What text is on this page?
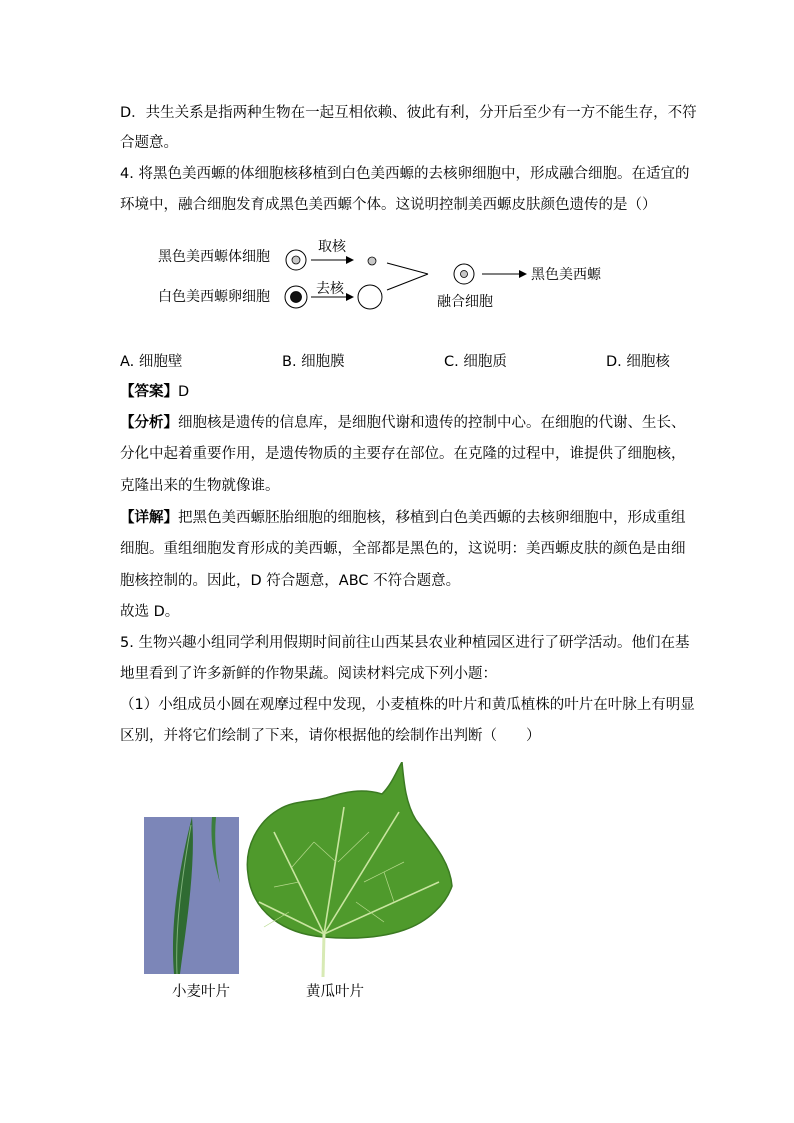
D．共生关系是指两种生物在一起互相依赖、彼此有利，分开后至少有一方不能生存，不符
合题意。
4. 将黑色美西螈的体细胞核移植到白色美西螈的去核卵细胞中，形成融合细胞。在适宜的
环境中，融合细胞发育成黑色美西螈个体。这说明控制美西螈皮肤颜色遗传的是（）
黑色美西螈体细胞
白色美西螈卵细胞
取核
去核
融合细胞
黑色美西螈
A. 细胞壁	B. 细胞膜	C. 细胞质	D. 细胞核
【答案】D
【分析】细胞核是遗传的信息库，是细胞代谢和遗传的控制中心。在细胞的代谢、生长、
分化中起着重要作用，是遗传物质的主要存在部位。在克隆的过程中，谁提供了细胞核，
克隆出来的生物就像谁。
【详解】把黑色美西螈胚胎细胞的细胞核，移植到白色美西螈的去核卵细胞中，形成重组
细胞。重组细胞发育形成的美西螈，全部都是黑色的，这说明：美西螈皮肤的颜色是由细
胞核控制的。因此，D 符合题意，ABC 不符合题意。
故选 D。
5. 生物兴趣小组同学利用假期时间前往山西某县农业种植园区进行了研学活动。他们在基
地里看到了许多新鲜的作物果蔬。阅读材料完成下列小题：
（1）小组成员小圆在观摩过程中发现，小麦植株的叶片和黄瓜植株的叶片在叶脉上有明显
区别，并将它们绘制了下来，请你根据他的绘制作出判断（　　）
小麦叶片	黄瓜叶片
